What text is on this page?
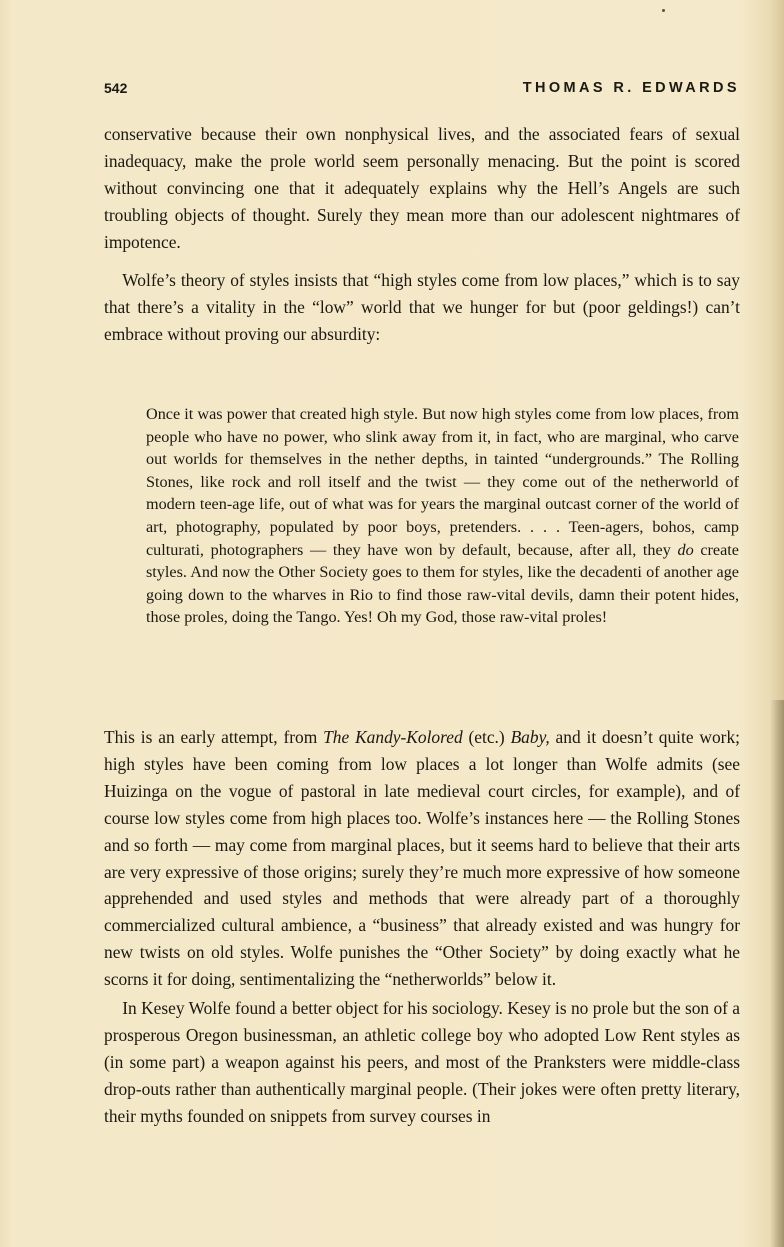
542	THOMAS R. EDWARDS

conservative because their own nonphysical lives, and the associated fears of sexual inadequacy, make the prole world seem personally menacing. But the point is scored without convincing one that it adequately explains why the Hell’s Angels are such troubling objects of thought. Surely they mean more than our adolescent nightmares of impotence.

Wolfe’s theory of styles insists that “high styles come from low places,” which is to say that there’s a vitality in the “low” world that we hunger for but (poor geldings!) can’t embrace without proving our absurdity:

Once it was power that created high style. But now high styles come from low places, from people who have no power, who slink away from it, in fact, who are marginal, who carve out worlds for themselves in the nether depths, in tainted “undergrounds.” The Rolling Stones, like rock and roll itself and the twist — they come out of the netherworld of modern teen-age life, out of what was for years the marginal outcast corner of the world of art, photography, populated by poor boys, pretenders. . . . Teen-agers, bohos, camp culturati, photographers — they have won by default, because, after all, they do create styles. And now the Other Society goes to them for styles, like the decadenti of another age going down to the wharves in Rio to find those raw-vital devils, damn their potent hides, those proles, doing the Tango. Yes! Oh my God, those raw-vital proles!

This is an early attempt, from The Kandy-Kolored (etc.) Baby, and it doesn’t quite work; high styles have been coming from low places a lot longer than Wolfe admits (see Huizinga on the vogue of pastoral in late medieval court circles, for example), and of course low styles come from high places too. Wolfe’s instances here — the Rolling Stones and so forth — may come from marginal places, but it seems hard to believe that their arts are very expressive of those origins; surely they’re much more expressive of how someone apprehended and used styles and methods that were already part of a thoroughly commercialized cultural ambience, a “business” that already existed and was hungry for new twists on old styles. Wolfe punishes the “Other Society” by doing exactly what he scorns it for doing, sentimentalizing the “netherworlds” below it.

In Kesey Wolfe found a better object for his sociology. Kesey is no prole but the son of a prosperous Oregon businessman, an athletic college boy who adopted Low Rent styles as (in some part) a weapon against his peers, and most of the Pranksters were middle-class drop-outs rather than authentically marginal people. (Their jokes were often pretty literary, their myths founded on snippets from survey courses in
